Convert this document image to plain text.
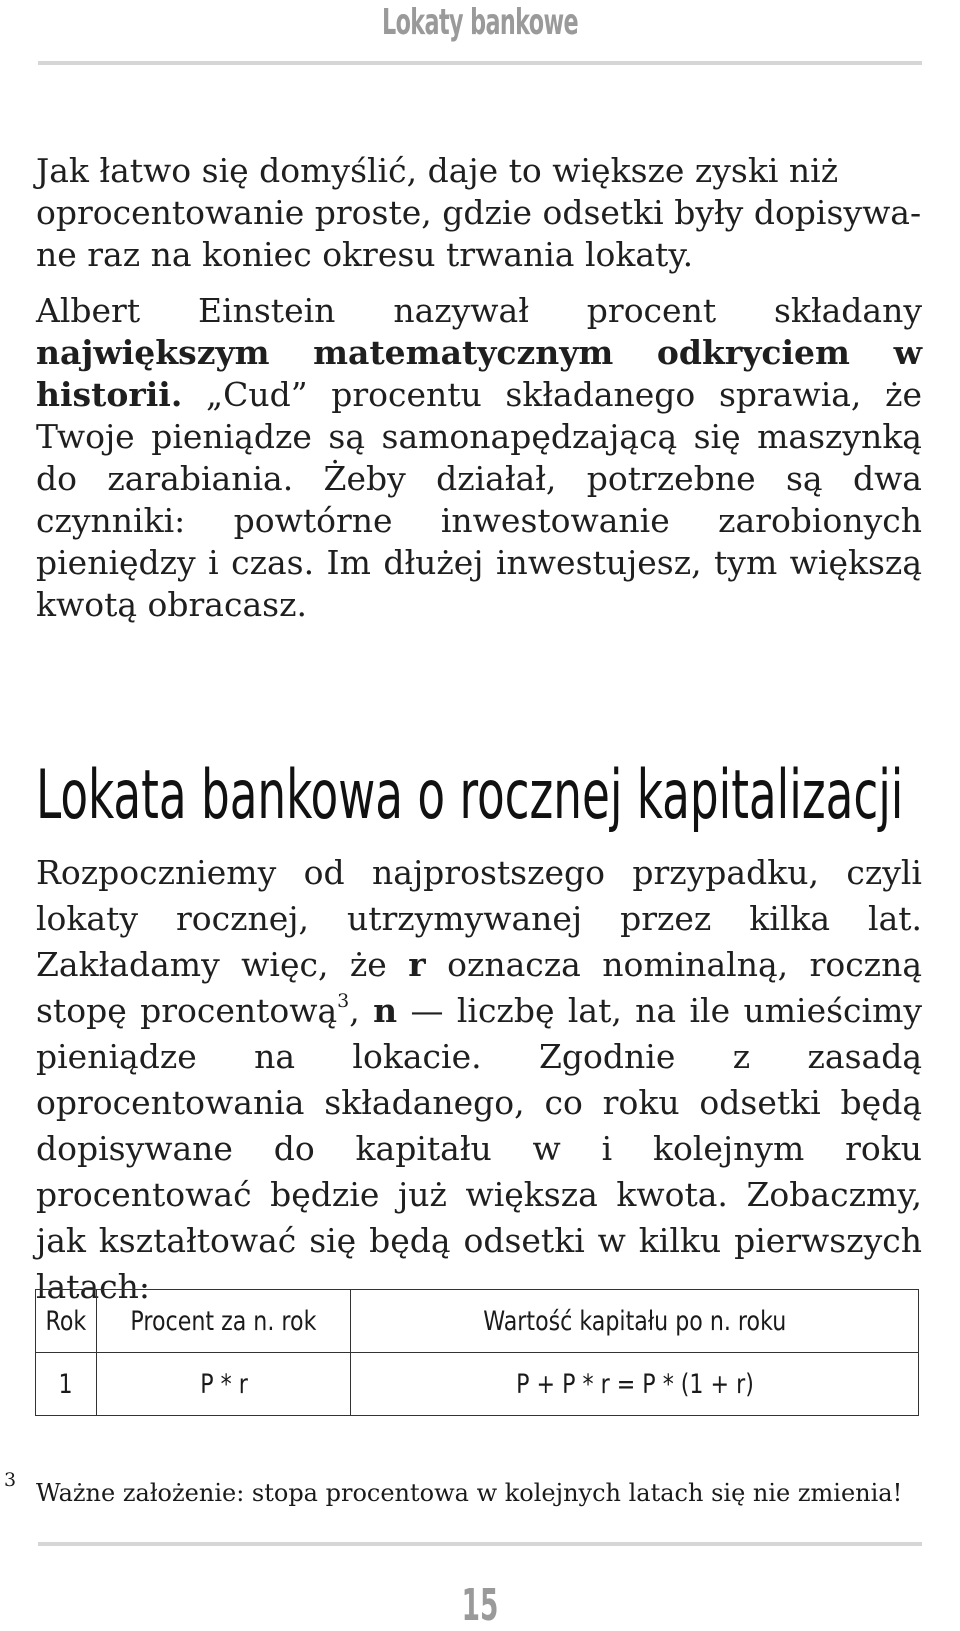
Lokaty bankowe
Jak łatwo się domyślić, daje to większe zyski niż
oprocentowanie proste, gdzie odsetki były dopisywa-
ne raz na koniec okresu trwania lokaty.
Albert Einstein nazywał procent składany największym matematycznym odkryciem w historii. „Cud” procentu składanego sprawia, że Twoje pieniądze są samonapędzającą się maszynką do zarabiania. Żeby działał, potrzebne są dwa czynniki: powtórne inwestowanie zarobionych pieniędzy i czas. Im dłużej inwestujesz, tym większą kwotą obracasz.
Lokata bankowa o rocznej kapitalizacji
Rozpoczniemy od najprostszego przypadku, czyli lokaty rocznej, utrzymywanej przez kilka lat. Zakładamy więc, że r oznacza nominalną, roczną stopę procentową$^3$, n — liczbę lat, na ile umieścimy pieniądze na lokacie. Zgodnie z zasadą oprocentowania składanego, co roku odsetki będą dopisywane do kapitału w i kolejnym roku procentować będzie już większa kwota. Zobaczmy, jak kształtować się będą odsetki w kilku pierwszych latach:
Rok	Procent za n. rok	Wartość kapitału po n. roku
1	P * r	P + P * r = P * (1 + r)
3 Ważne założenie: stopa procentowa w kolejnych latach się nie zmienia!
15
